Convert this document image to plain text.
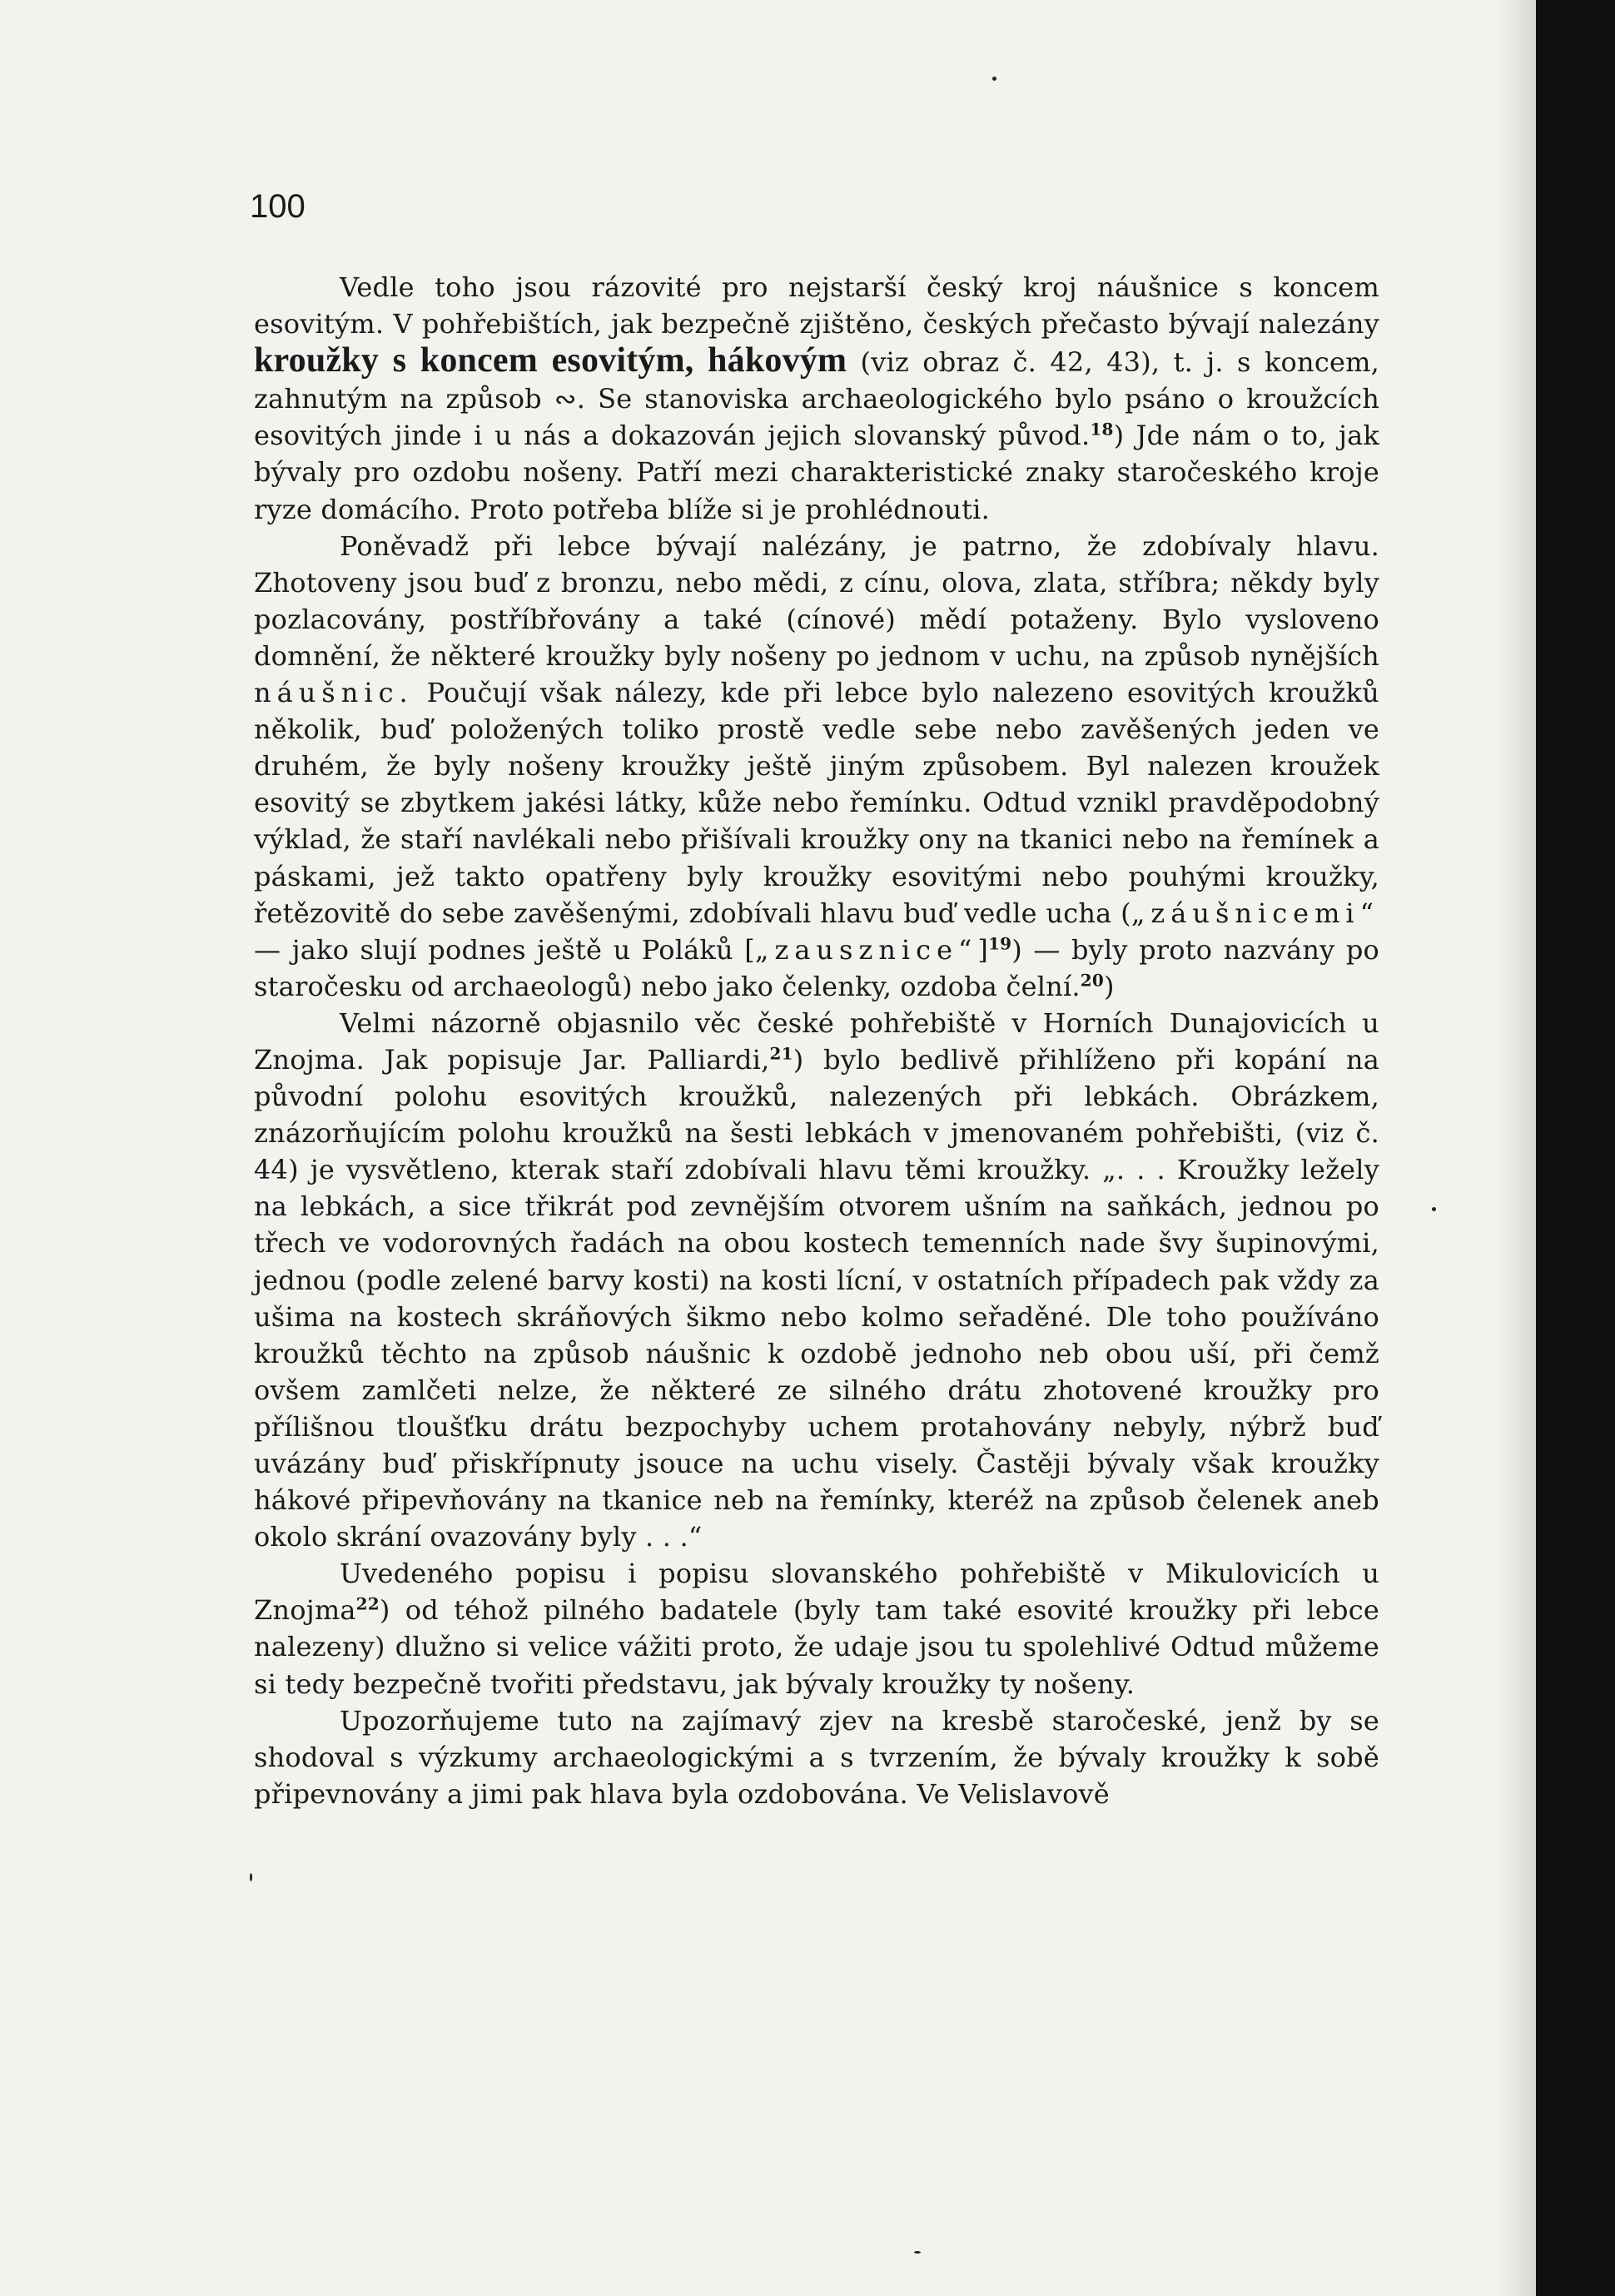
100

Vedle toho jsou rázovité pro nejstarší český kroj náušnice s koncem esovitým. V pohřebištích, jak bezpečně zjištěno, českých přečasto bývají nalezány kroužky s koncem esovitým, hákovým (viz obraz č. 42, 43), t. j. s koncem, zahnutým na způsob ∾. Se stanoviska archaeologického bylo psáno o kroužcích esovitých jinde i u nás a dokazován jejich slovanský původ.$^{18}$) Jde nám o to, jak bývaly pro ozdobu nošeny. Patří mezi charakteristické znaky staročeského kroje ryze domácího. Proto potřeba blíže si je prohlédnouti.

Poněvadž při lebce bývají nalézány, je patrno, že zdobívaly hlavu. Zhotoveny jsou buď z bronzu, nebo mědi, z cínu, olova, zlata, stříbra; někdy byly pozlacovány, postříbřovány a také (cínové) mědí potaženy. Bylo vysloveno domnění, že některé kroužky byly nošeny po jednom v uchu, na způsob nynějších náušnic. Poučují však nálezy, kde při lebce bylo nalezeno esovitých kroužků několik, buď položených toliko prostě vedle sebe nebo zavěšených jeden ve druhém, že byly nošeny kroužky ještě jiným způsobem. Byl nalezen kroužek esovitý se zbytkem jakési látky, kůže nebo řemínku. Odtud vznikl pravděpodobný výklad, že staří navlékali nebo přišívali kroužky ony na tkanici nebo na řemínek a páskami, jež takto opatřeny byly kroužky esovitými nebo pouhými kroužky, řetězovitě do sebe zavěšenými, zdobívali hlavu buď vedle ucha („záušnicemi“ — jako slují podnes ještě u Poláků [„zausznice“]$^{19}$) — byly proto nazvány po staročesku od archaeologů) nebo jako čelenky, ozdoba čelní.$^{20}$)

Velmi názorně objasnilo věc české pohřebiště v Horních Dunajovicích u Znojma. Jak popisuje Jar. Palliardi,$^{21}$) bylo bedlivě přihlíženo při kopání na původní polohu esovitých kroužků, nalezených při lebkách. Obrázkem, znázorňujícím polohu kroužků na šesti lebkách v jmenovaném pohřebišti, (viz č. 44) je vysvětleno, kterak staří zdobívali hlavu těmi kroužky. „. . . Kroužky ležely na lebkách, a sice třikrát pod zevnějším otvorem ušním na saňkách, jednou po třech ve vodorovných řadách na obou kostech temenních nade švy šupinovými, jednou (podle zelené barvy kosti) na kosti lícní, v ostatních případech pak vždy za ušima na kostech skráňových šikmo nebo kolmo seřaděné. Dle toho používáno kroužků těchto na způsob náušnic k ozdobě jednoho neb obou uší, při čemž ovšem zamlčeti nelze, že některé ze silného drátu zhotovené kroužky pro přílišnou tloušťku drátu bezpochyby uchem protahovány nebyly, nýbrž buď uvázány buď přiskřípnuty jsouce na uchu visely. Častěji bývaly však kroužky hákové připevňovány na tkanice neb na řemínky, kteréž na způsob čelenek aneb okolo skrání ovazovány byly . . .“

Uvedeného popisu i popisu slovanského pohřebiště v Mikulovicích u Znojma$^{22}$) od téhož pilného badatele (byly tam také esovité kroužky při lebce nalezeny) dlužno si velice vážiti proto, že udaje jsou tu spolehlivé Odtud můžeme si tedy bezpečně tvořiti představu, jak bývaly kroužky ty nošeny.

Upozorňujeme tuto na zajímavý zjev na kresbě staročeské, jenž by se shodoval s výzkumy archaeologickými a s tvrzením, že bývaly kroužky k sobě připevnovány a jimi pak hlava byla ozdobována. Ve Velislavově
